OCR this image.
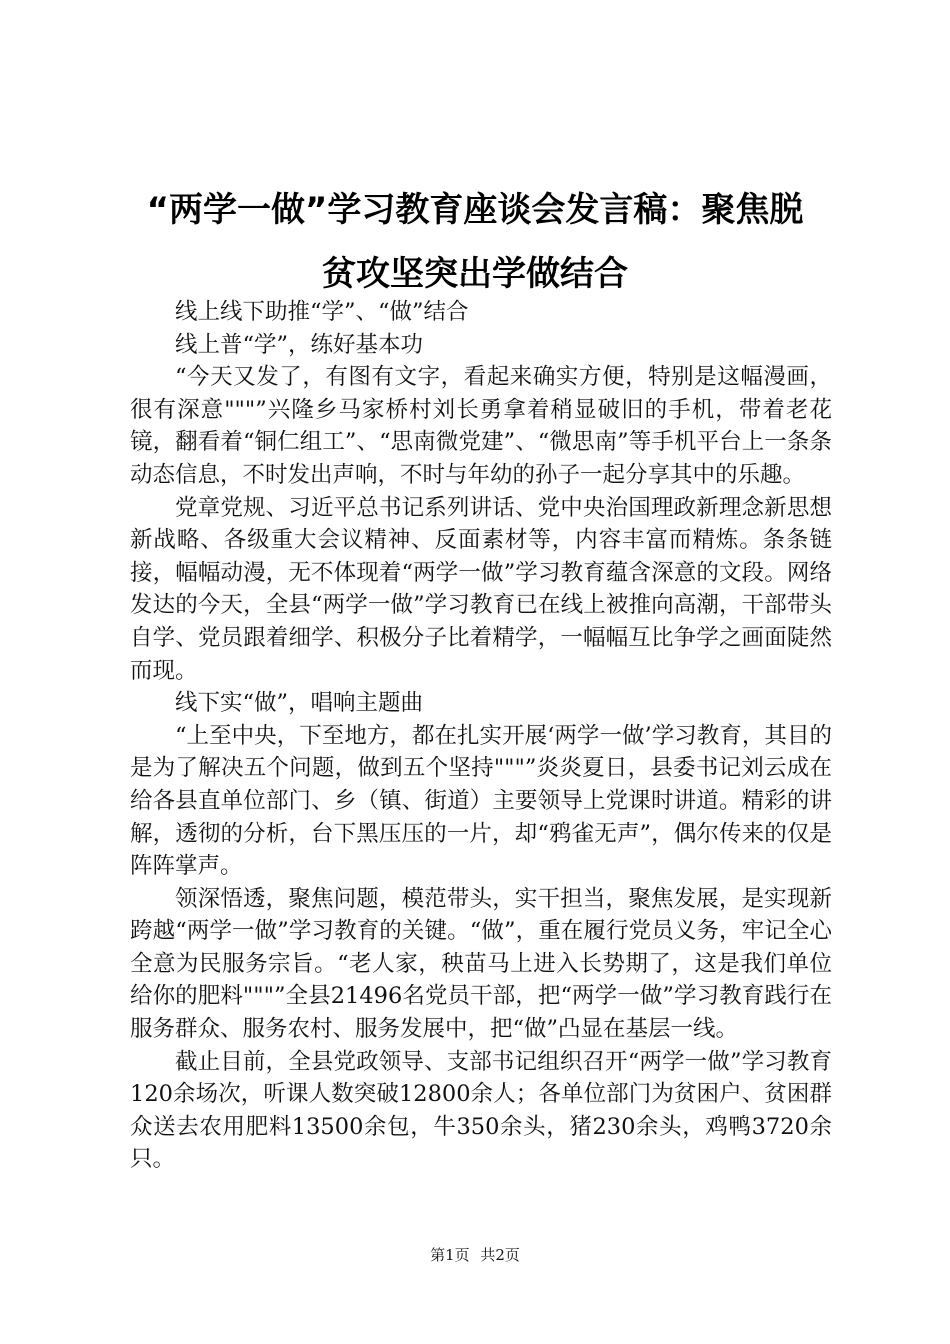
“两学一做”学习教育座谈会发言稿：聚焦脱
贫攻坚突出学做结合

线上线下助推“学”、“做”结合

线上普“学”，练好基本功

“今天又发了，有图有文字，看起来确实方便，特别是这幅漫画，很有深意"""”兴隆乡马家桥村刘长勇拿着稍显破旧的手机，带着老花镜，翻看着“铜仁组工”、“思南微党建”、“微思南”等手机平台上一条条动态信息，不时发出声响，不时与年幼的孙子一起分享其中的乐趣。

党章党规、习近平总书记系列讲话、党中央治国理政新理念新思想新战略、各级重大会议精神、反面素材等，内容丰富而精炼。条条链接，幅幅动漫，无不体现着“两学一做”学习教育蕴含深意的文段。网络发达的今天，全县“两学一做”学习教育已在线上被推向高潮，干部带头自学、党员跟着细学、积极分子比着精学，一幅幅互比争学之画面陡然而现。

线下实“做”，唱响主题曲

“上至中央，下至地方，都在扎实开展‘两学一做’学习教育，其目的是为了解决五个问题，做到五个坚持"""”炎炎夏日，县委书记刘云成在给各县直单位部门、乡（镇、街道）主要领导上党课时讲道。精彩的讲解，透彻的分析，台下黑压压的一片，却“鸦雀无声”，偶尔传来的仅是阵阵掌声。

领深悟透，聚焦问题，模范带头，实干担当，聚焦发展，是实现新跨越“两学一做”学习教育的关键。“做”，重在履行党员义务，牢记全心全意为民服务宗旨。“老人家，秧苗马上进入长势期了，这是我们单位给你的肥料"""”全县21496名党员干部，把“两学一做”学习教育践行在服务群众、服务农村、服务发展中，把“做”凸显在基层一线。

截止目前，全县党政领导、支部书记组织召开“两学一做”学习教育120余场次，听课人数突破12800余人；各单位部门为贫困户、贫困群众送去农用肥料13500余包，牛350余头，猪230余头，鸡鸭3720余只。

第1页 共2页
